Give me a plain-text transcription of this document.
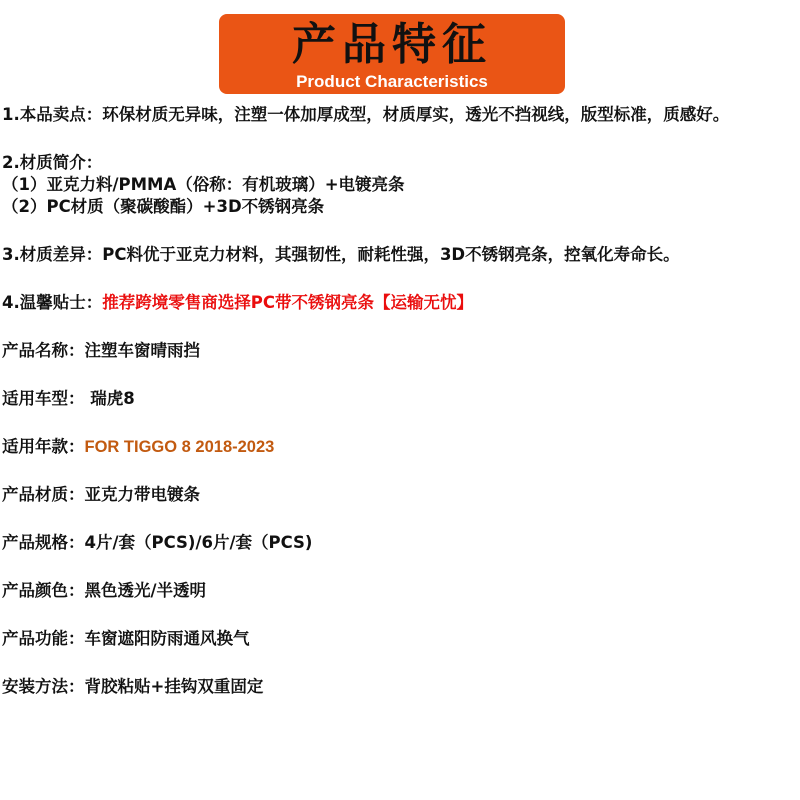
产品特征
Product Characteristics
1.本品卖点：环保材质无异味，注塑一体加厚成型，材质厚实，透光不挡视线，版型标准，质感好。
2.材质简介：
（1）亚克力料/PMMA（俗称：有机玻璃）+电镀亮条
（2）PC材质（聚碳酸酯）+3D不锈钢亮条
3.材质差异：PC料优于亚克力材料，其强韧性，耐耗性强，3D不锈钢亮条，控氧化寿命长。
4.温馨贴士：推荐跨境零售商选择PC带不锈钢亮条【运输无忧】
产品名称：注塑车窗晴雨挡
适用车型： 瑞虎8
适用年款：FOR TIGGO 8 2018-2023
产品材质：亚克力带电镀条
产品规格：4片/套（PCS)/6片/套（PCS)
产品颜色：黑色透光/半透明
产品功能：车窗遮阳防雨通风换气
安装方法：背胶粘贴+挂钩双重固定
